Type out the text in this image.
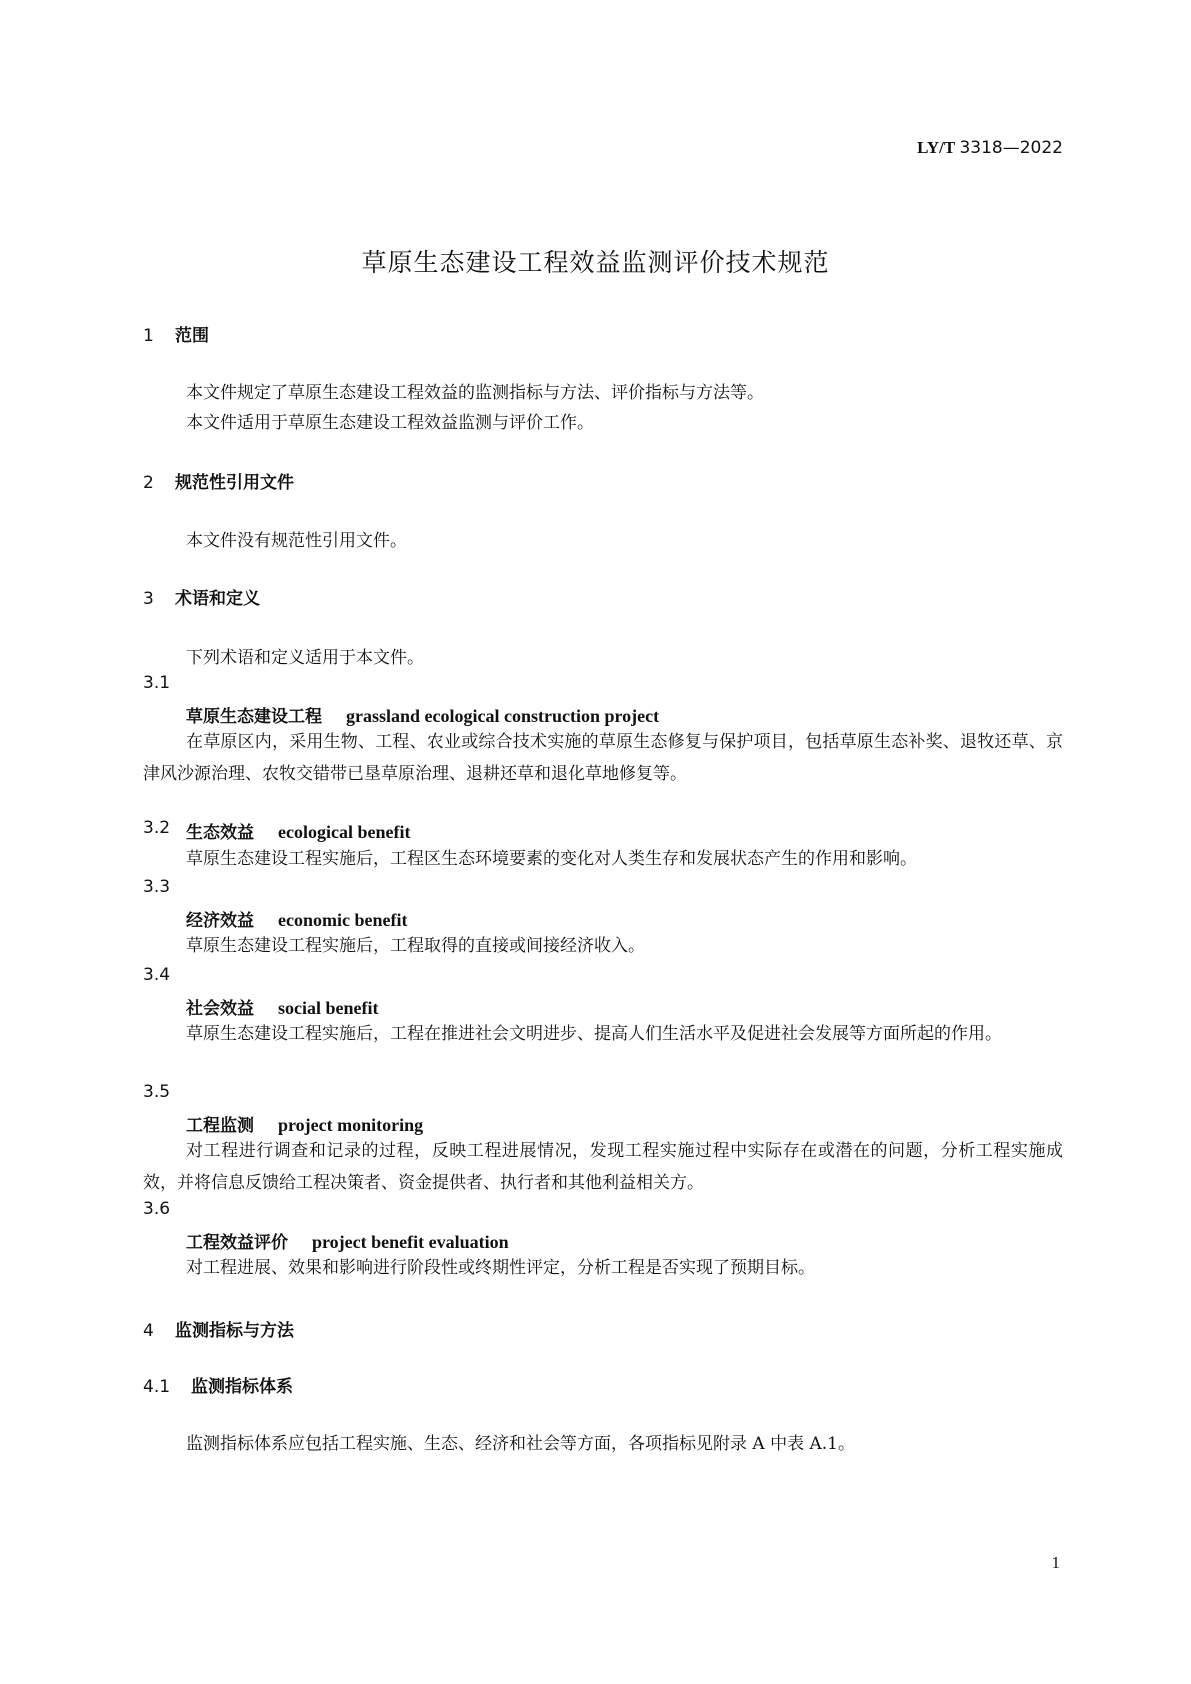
LY/T 3318—2022
草原生态建设工程效益监测评价技术规范
1 范围
本文件规定了草原生态建设工程效益的监测指标与方法、评价指标与方法等。
本文件适用于草原生态建设工程效益监测与评价工作。
2 规范性引用文件
本文件没有规范性引用文件。
3 术语和定义
下列术语和定义适用于本文件。
3.1
草原生态建设工程 grassland ecological construction project
在草原区内，采用生物、工程、农业或综合技术实施的草原生态修复与保护项目，包括草原生态补奖、退牧还草、京津风沙源治理、农牧交错带已垦草原治理、退耕还草和退化草地修复等。
3.2 生态效益 ecological benefit
草原生态建设工程实施后，工程区生态环境要素的变化对人类生存和发展状态产生的作用和影响。
3.3
经济效益 economic benefit
草原生态建设工程实施后，工程取得的直接或间接经济收入。
3.4
社会效益 social benefit
草原生态建设工程实施后，工程在推进社会文明进步、提高人们生活水平及促进社会发展等方面所起的作用。
3.5
工程监测 project monitoring
对工程进行调查和记录的过程，反映工程进展情况，发现工程实施过程中实际存在或潜在的问题，分析工程实施成效，并将信息反馈给工程决策者、资金提供者、执行者和其他利益相关方。
3.6
工程效益评价 project benefit evaluation
对工程进展、效果和影响进行阶段性或终期性评定，分析工程是否实现了预期目标。
4 监测指标与方法
4.1 监测指标体系
监测指标体系应包括工程实施、生态、经济和社会等方面，各项指标见附录 A 中表 A.1。
1
